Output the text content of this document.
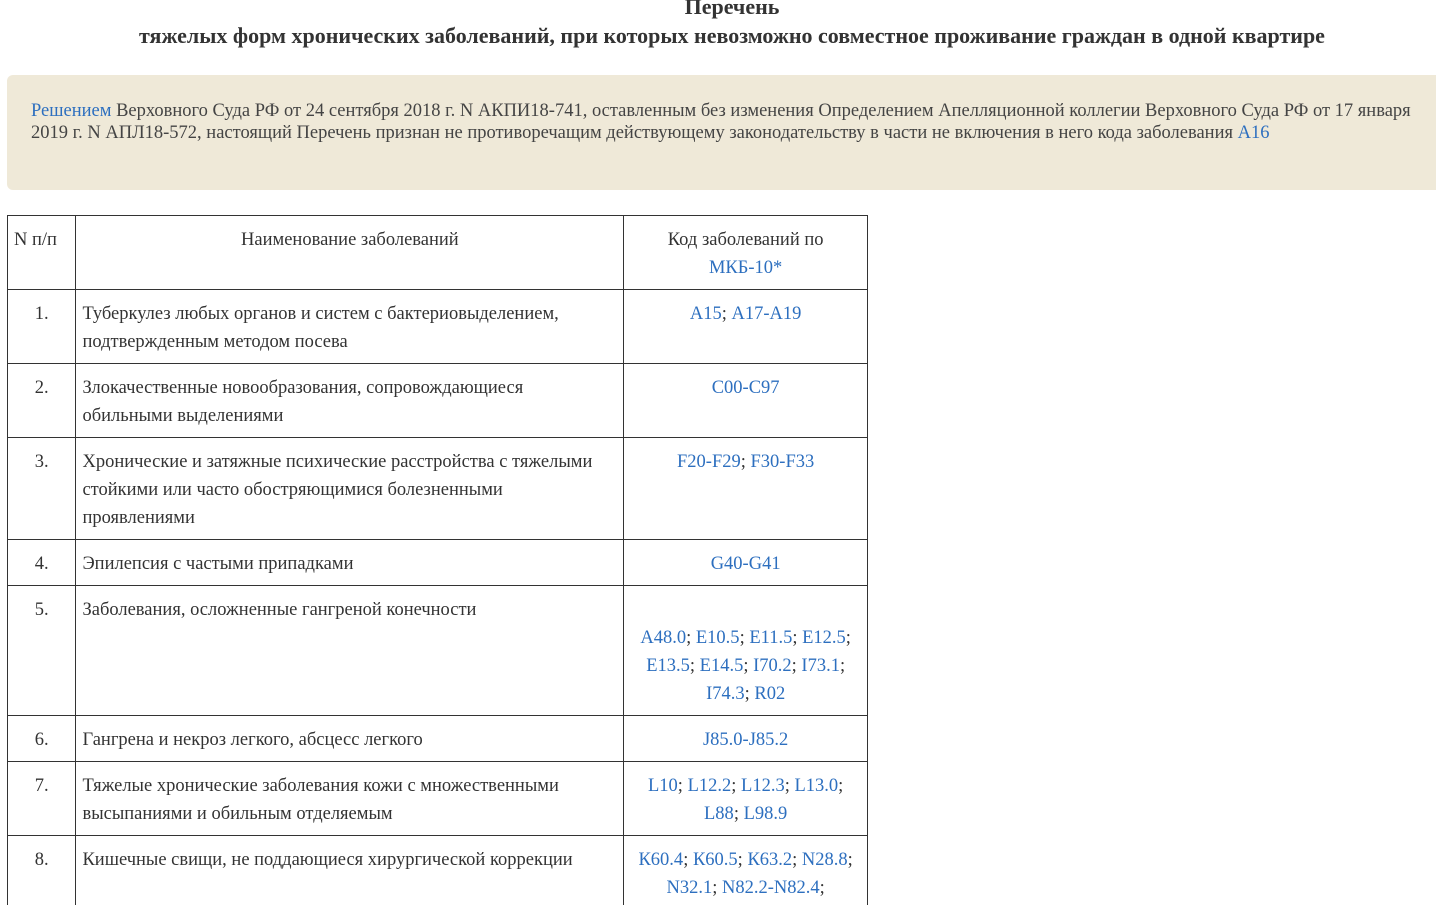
Перечень
тяжелых форм хронических заболеваний, при которых невозможно совместное проживание граждан в одной квартире
Решением Верховного Суда РФ от 24 сентября 2018 г. N АКПИ18-741, оставленным без изменения Определением Апелляционной коллегии Верховного Суда РФ от 17 января 2019 г. N АПЛ18-572, настоящий Перечень признан не противоречащим действующему законодательству в части не включения в него кода заболевания А16
N п/п	Наименование заболеваний	Код заболеваний по
МКБ-10*
1.	Туберкулез любых органов и систем с бактериовыделением, подтвержденным методом посева	А15; А17-А19
2.	Злокачественные новообразования, сопровождающиеся обильными выделениями	С00-С97
3.	Хронические и затяжные психические расстройства с тяжелыми стойкими или часто обостряющимися болезненными проявлениями	F20-F29; F30-F33
4.	Эпилепсия с частыми припадками	G40-G41
5.	Заболевания, осложненные гангреной конечности	А48.0; Е10.5; Е11.5; Е12.5; Е13.5; Е14.5; I70.2; I73.1; I74.3; R02

6.	Гангрена и некроз легкого, абсцесс легкого	J85.0-J85.2
7.	Тяжелые хронические заболевания кожи с множественными высыпаниями и обильным отделяемым	L10; L12.2; L12.3; L13.0; L88; L98.9
8.	Кишечные свищи, не поддающиеся хирургической коррекции	К60.4; К60.5; К63.2; N28.8; N32.1; N82.2-N82.4;
